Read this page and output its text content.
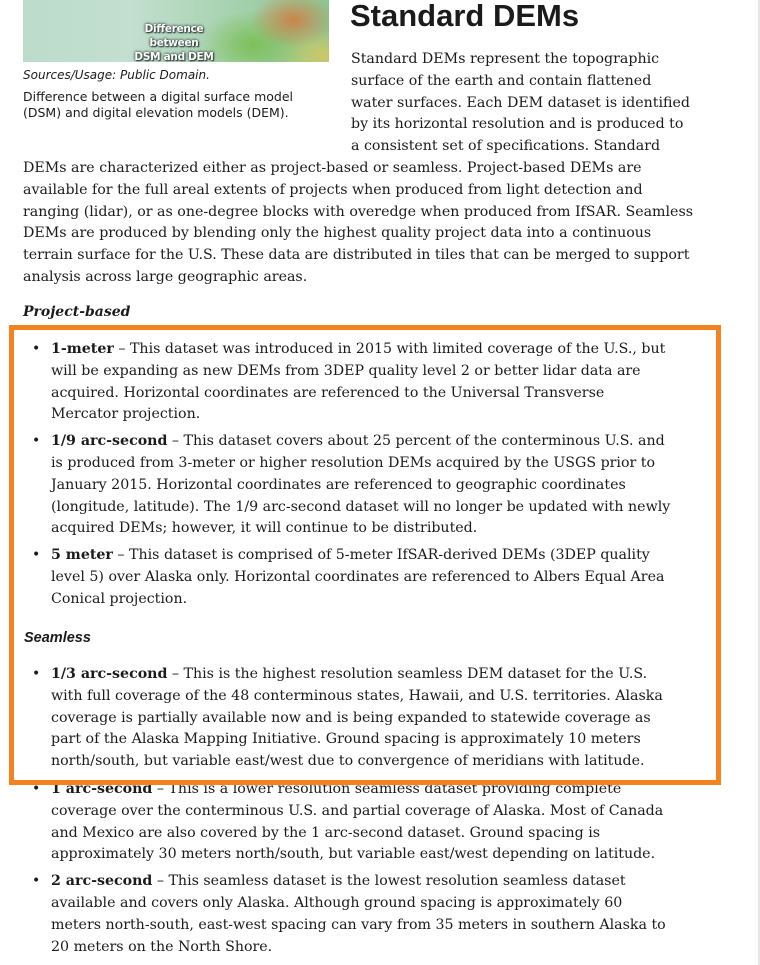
Difference between
DSM and DEM
Sources/Usage: Public Domain.
Difference between a digital surface model (DSM) and digital elevation models (DEM).
Standard DEMs

Standard DEMs represent the topographic surface of the earth and contain flattened water surfaces. Each DEM dataset is identified by its horizontal resolution and is produced to a consistent set of specifications. Standard

DEMs are characterized either as project-based or seamless. Project-based DEMs are available for the full areal extents of projects when produced from light detection and ranging (lidar), or as one-degree blocks with overedge when produced from IfSAR. Seamless DEMs are produced by blending only the highest quality project data into a continuous terrain surface for the U.S. These data are distributed in tiles that can be merged to support analysis across large geographic areas.

Project-based

• 1-meter – This dataset was introduced in 2015 with limited coverage of the U.S., but will be expanding as new DEMs from 3DEP quality level 2 or better lidar data are acquired. Horizontal coordinates are referenced to the Universal Transverse Mercator projection.
• 1/9 arc-second – This dataset covers about 25 percent of the conterminous U.S. and is produced from 3-meter or higher resolution DEMs acquired by the USGS prior to January 2015. Horizontal coordinates are referenced to geographic coordinates (longitude, latitude). The 1/9 arc-second dataset will no longer be updated with newly acquired DEMs; however, it will continue to be distributed.
• 5 meter – This dataset is comprised of 5-meter IfSAR-derived DEMs (3DEP quality level 5) over Alaska only. Horizontal coordinates are referenced to Albers Equal Area Conical projection.

Seamless

• 1/3 arc-second – This is the highest resolution seamless DEM dataset for the U.S. with full coverage of the 48 conterminous states, Hawaii, and U.S. territories. Alaska coverage is partially available now and is being expanded to statewide coverage as part of the Alaska Mapping Initiative. Ground spacing is approximately 10 meters north/south, but variable east/west due to convergence of meridians with latitude.
• 1 arc-second – This is a lower resolution seamless dataset providing complete coverage over the conterminous U.S. and partial coverage of Alaska. Most of Canada and Mexico are also covered by the 1 arc-second dataset. Ground spacing is approximately 30 meters north/south, but variable east/west depending on latitude.
• 2 arc-second – This seamless dataset is the lowest resolution seamless dataset available and covers only Alaska. Although ground spacing is approximately 60 meters north-south, east-west spacing can vary from 35 meters in southern Alaska to 20 meters on the North Shore.
